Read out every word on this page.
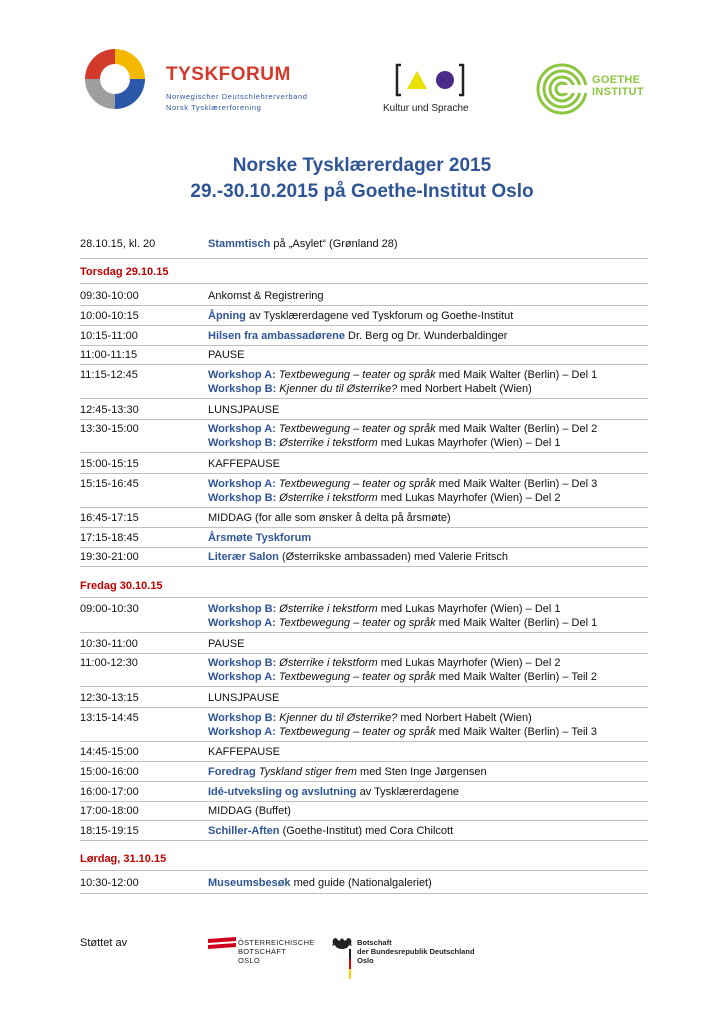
TYSKFORUM
Norwegischer Deutschlehrerverband
Norsk Tysklærerforening	Kultur und Sprache
GOETHE
INSTITUT
Norske Tysklærerdager 2015
29.-30.10.2015 på Goethe-Institut Oslo
28.10.15, kl. 20	Stammtisch på „Asylet“ (Grønland 28)
Torsdag 29.10.15
09:30-10:00	Ankomst & Registrering
10:00-10:15	Åpning av Tysklærerdagene ved Tyskforum og Goethe-Institut
10:15-11:00	Hilsen fra ambassadørene Dr. Berg og Dr. Wunderbaldinger
11:00-11:15	PAUSE
11:15-12:45	Workshop A: Textbewegung – teater og språk med Maik Walter (Berlin) – Del 1
Workshop B: Kjenner du til Østerrike? med Norbert Habelt (Wien)
12:45-13:30	LUNSJPAUSE
13:30-15:00	Workshop A: Textbewegung – teater og språk med Maik Walter (Berlin) – Del 2
Workshop B: Østerrike i tekstform med Lukas Mayrhofer (Wien) – Del 1
15:00-15:15	KAFFEPAUSE
15:15-16:45	Workshop A: Textbewegung – teater og språk med Maik Walter (Berlin) – Del 3
Workshop B: Østerrike i tekstform med Lukas Mayrhofer (Wien) – Del 2
16:45-17:15	MIDDAG (for alle som ønsker å delta på årsmøte)
17:15-18:45	Årsmøte Tyskforum
19:30-21:00	Literær Salon (Østerrikske ambassaden) med Valerie Fritsch
Fredag 30.10.15
09:00-10:30	Workshop B: Østerrike i tekstform med Lukas Mayrhofer (Wien) – Del 1
Workshop A: Textbewegung – teater og språk med Maik Walter (Berlin) – Del 1
10:30-11:00	PAUSE
11:00-12:30	Workshop B: Østerrike i tekstform med Lukas Mayrhofer (Wien) – Del 2
Workshop A: Textbewegung – teater og språk med Maik Walter (Berlin) – Teil 2
12:30-13:15	LUNSJPAUSE
13:15-14:45	Workshop B: Kjenner du til Østerrike? med Norbert Habelt (Wien)
Workshop A: Textbewegung – teater og språk med Maik Walter (Berlin) – Teil 3
14:45-15:00	KAFFEPAUSE
15:00-16:00	Foredrag Tyskland stiger frem med Sten Inge Jørgensen
16:00-17:00	Idé-utveksling og avslutning av Tysklærerdagene
17:00-18:00	MIDDAG (Buffet)
18:15-19:15	Schiller-Aften (Goethe-Institut) med Cora Chilcott
Lørdag, 31.10.15
10:30-12:00	Museumsbesøk med guide (Nationalgaleriet)
Støttet av	ÖSTERREICHISCHE
BOTSCHAFT
OSLO
Botschaft
der Bundesrepublik Deutschland
Oslo
